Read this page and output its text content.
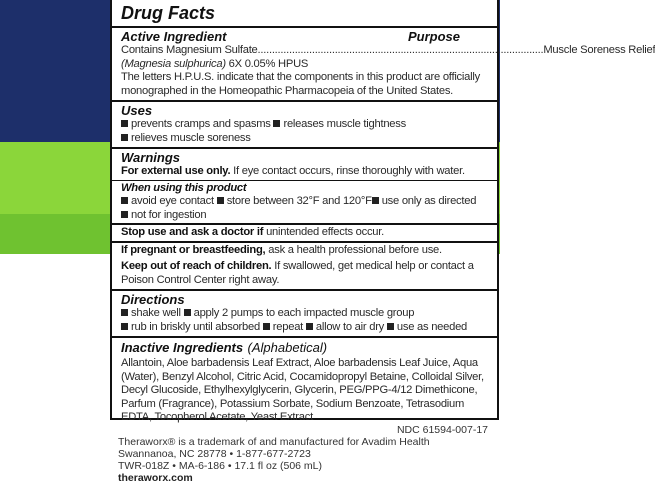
Drug Facts
Active Ingredient	Purpose
Contains Magnesium Sulfate .................................................................................................... Muscle Soreness Relief
(Magnesia sulphurica) 6X 0.05% HPUS
The letters H.P.U.S. indicate that the components in this product are officially monographed in the Homeopathic Pharmacopeia of the United States.
Uses
prevents cramps and spasms releases muscle tightness
relieves muscle soreness
Warnings
For external use only. If eye contact occurs, rinse thoroughly with water.
When using this product
avoid eye contact store between 32°F and 120°F use only as directed
not for ingestion
Stop use and ask a doctor if unintended effects occur.
If pregnant or breastfeeding, ask a health professional before use.
Keep out of reach of children. If swallowed, get medical help or contact a Poison Control Center right away.
Directions
shake well apply 2 pumps to each impacted muscle group
rub in briskly until absorbed repeat allow to air dry use as needed
Inactive Ingredients (Alphabetical)
Allantoin, Aloe barbadensis Leaf Extract, Aloe barbadensis Leaf Juice, Aqua (Water), Benzyl Alcohol, Citric Acid, Cocamidopropyl Betaine, Colloidal Silver, Decyl Glucoside, Ethylhexylglycerin, Glycerin, PEG/PPG-4/12 Dimethicone, Parfum (Fragrance), Potassium Sorbate, Sodium Benzoate, Tetrasodium EDTA, Tocopherol Acetate, Yeast Extract
NDC 61594-007-17
Theraworx® is a trademark of and manufactured for Avadim Health
Swannanoa, NC 28778 • 1-877-677-2723
TWR-018Z • MA-6-186 • 17.1 fl oz (506 mL)
theraworx.com
